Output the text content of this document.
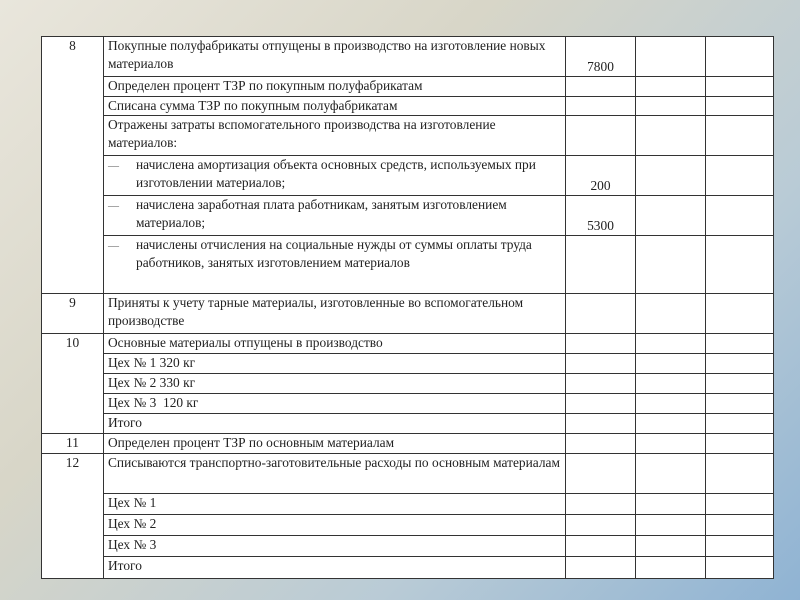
8	Покупные полуфабрикаты отпущены в производство на изготовление новых материалов	7800		
	Определен процент ТЗР по покупным полуфабрикатам			
	Списана сумма ТЗР по покупным полуфабрикатам			
	Отражены затраты вспомогательного производства на изготовление материалов:			

—
начислена амортизация объекта основных средств, используемых при изготовлении материалов;	200		

—
начислена заработная плата работникам, занятым изготовлением материалов;	5300		

—
начислены отчисления на социальные нужды от суммы оплаты труда работников, занятых изготовлением материалов

9	Приняты к учету тарные материалы, изготовленные во вспомогательном производстве			
10	Основные материалы отпущены в производство			
	Цех № 1 320 кг			
	Цех № 2 330 кг			
	Цех № 3  120 кг			
	Итого			
11	Определен процент ТЗР по основным материалам			
12	Списываются транспортно-заготовительные расходы по основным материалам			
	Цех № 1			
	Цех № 2			
	Цех № 3			
	Итого			
